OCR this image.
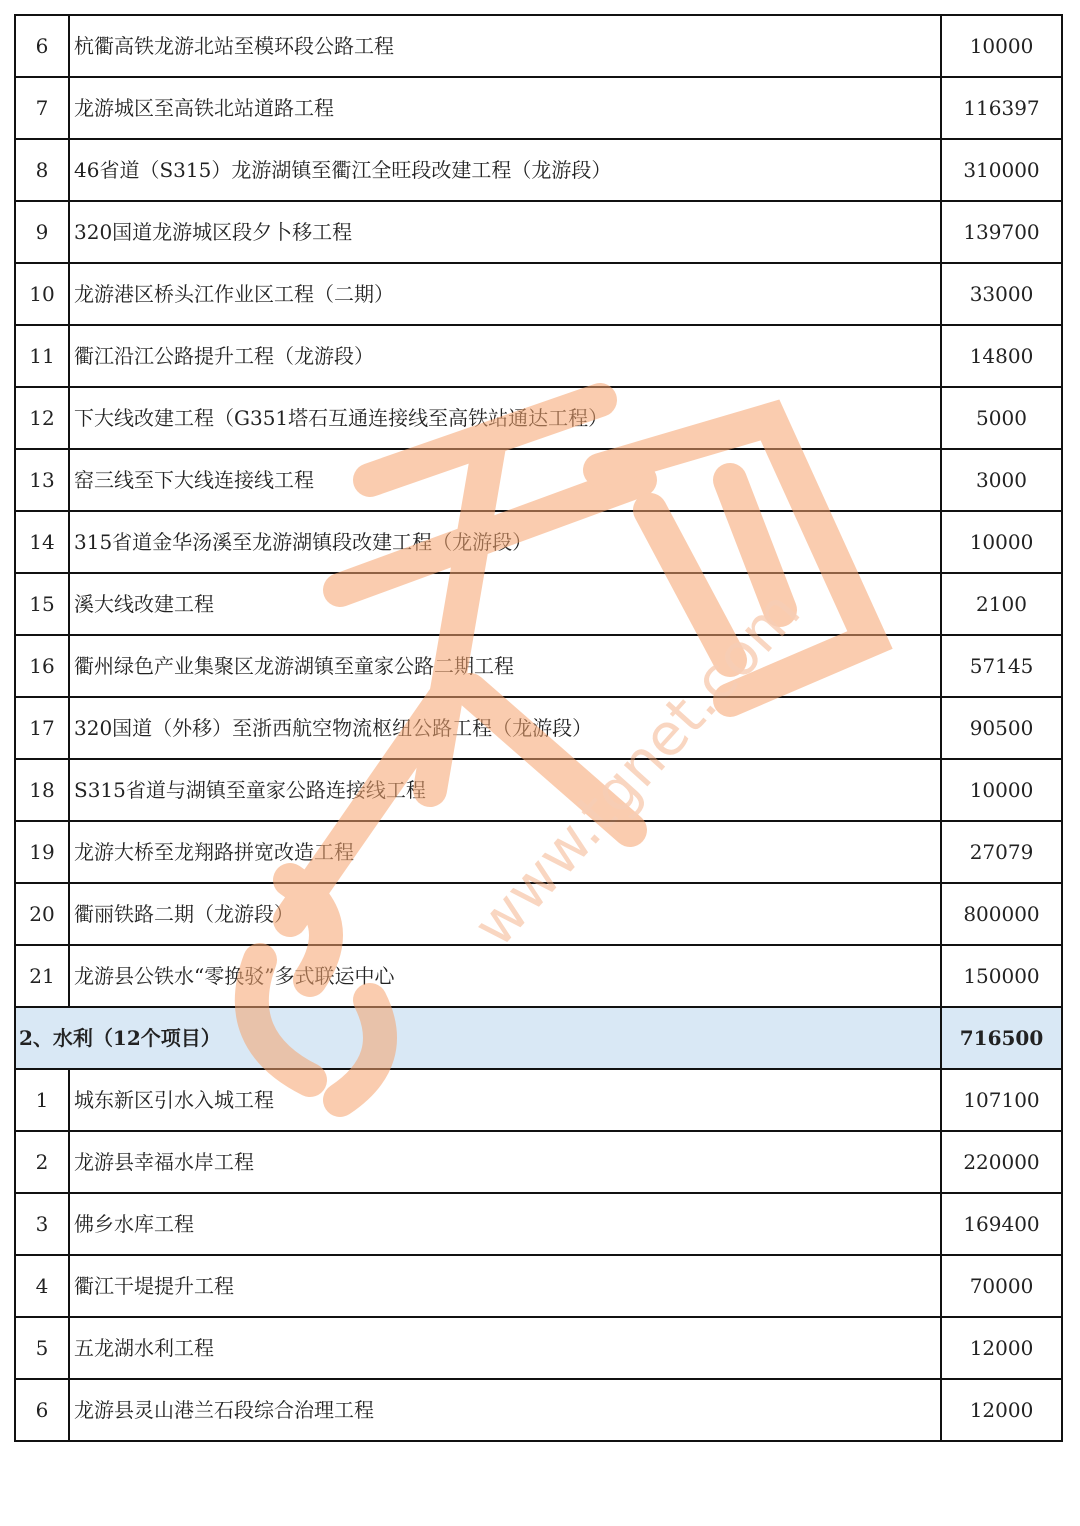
6	杭衢高铁龙游北站至模环段公路工程	10000
7	龙游城区至高铁北站道路工程	116397
8	46省道（S315）龙游湖镇至衢江全旺段改建工程（龙游段）	310000
9	320国道龙游城区段夕卜移工程	139700
10	龙游港区桥头江作业区工程（二期）	33000
11	衢江沿江公路提升工程（龙游段）	14800
12	下大线改建工程（G351塔石互通连接线至高铁站通达工程）	5000
13	窑三线至下大线连接线工程	3000
14	315省道金华汤溪至龙游湖镇段改建工程（龙游段）	10000
15	溪大线改建工程	2100
16	衢州绿色产业集聚区龙游湖镇至童家公路二期工程	57145
17	320国道（外移）至浙西航空物流枢纽公路工程（龙游段）	90500
18	S315省道与湖镇至童家公路连接线工程	10000
19	龙游大桥至龙翔路拼宽改造工程	27079
20	衢丽铁路二期（龙游段）	800000
21	龙游县公铁水“零换驳”多式联运中心	150000
2、水利（12个项目）		716500
1	城东新区引水入城工程	107100
2	龙游县幸福水岸工程	220000
3	佛乡水库工程	169400
4	衢江干堤提升工程	70000
5	五龙湖水利工程	12000
6	龙游县灵山港兰石段综合治理工程	12000
www.tgnet.com
